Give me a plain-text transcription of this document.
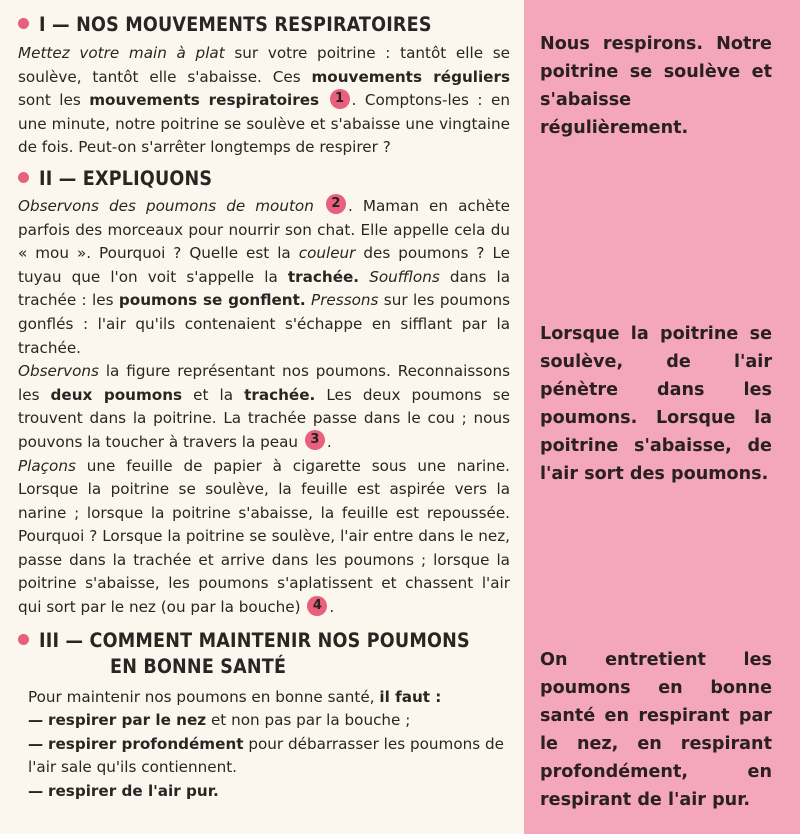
I — NOS MOUVEMENTS RESPIRATOIRES

Mettez votre main à plat sur votre poitrine : tantôt elle se soulève, tantôt elle s'abaisse. Ces mouvements réguliers sont les mouvements respiratoires 1 . Comptons-les : en une minute, notre poitrine se soulève et s'abaisse une vingtaine de fois. Peut-on s'arrêter longtemps de respirer ?

II — EXPLIQUONS

Observons des poumons de mouton 2 . Maman en achète parfois des morceaux pour nourrir son chat. Elle appelle cela du « mou ». Pourquoi ? Quelle est la couleur des poumons ? Le tuyau que l'on voit s'appelle la trachée. Soufflons dans la trachée : les poumons se gonflent. Pressons sur les poumons gonflés : l'air qu'ils contenaient s'échappe en sifflant par la trachée.

Observons la figure représentant nos poumons. Reconnaissons les deux poumons et la trachée. Les deux poumons se trouvent dans la poitrine. La trachée passe dans le cou ; nous pouvons la toucher à travers la peau 3 .

Plaçons une feuille de papier à cigarette sous une narine. Lorsque la poitrine se soulève, la feuille est aspirée vers la narine ; lorsque la poitrine s'abaisse, la feuille est repoussée. Pourquoi ? Lorsque la poitrine se soulève, l'air entre dans le nez, passe dans la trachée et arrive dans les poumons ; lorsque la poitrine s'abaisse, les poumons s'aplatissent et chassent l'air qui sort par le nez (ou par la bouche) 4 .

III — COMMENT MAINTENIR NOS POUMONS
EN BONNE SANTÉ

Pour maintenir nos poumons en bonne santé, il faut :

— respirer par le nez et non pas par la bouche ;

— respirer profondément pour débarrasser les poumons de l'air sale qu'ils contiennent.

— respirer de l'air pur.

Nous respirons. Notre poitrine se soulève et s'abaisse régulièrement.
Lorsque la poitrine se soulève, de l'air pénètre dans les poumons. Lorsque la poitrine s'abaisse, de l'air sort des poumons.
On entretient les poumons en bonne santé en respirant par le nez, en respirant profondément, en respirant de l'air pur.
